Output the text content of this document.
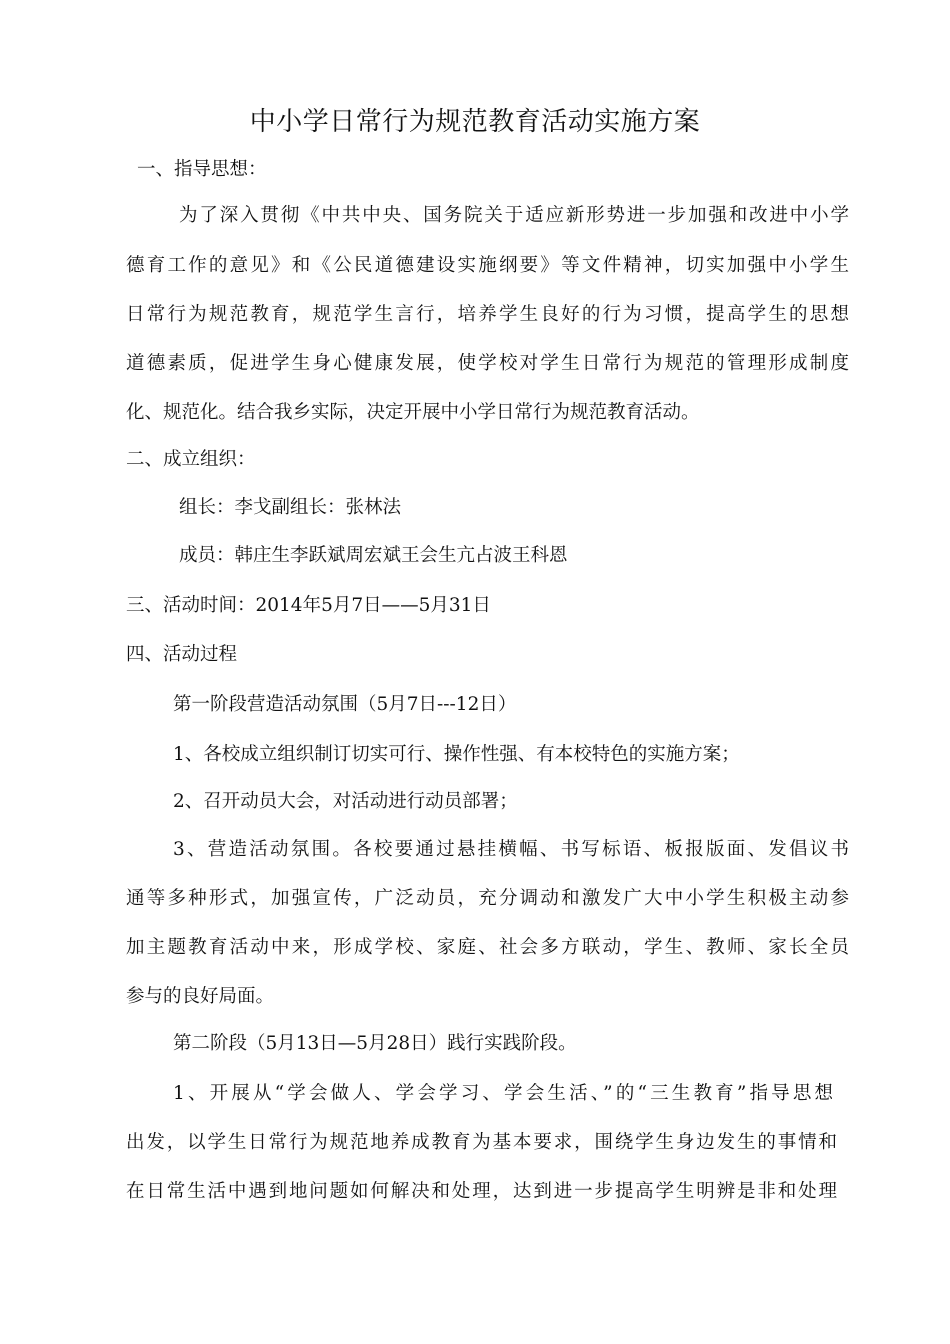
中小学日常行为规范教育活动实施方案
一、指导思想：
为了深入贯彻《中共中央、国务院关于适应新形势进一步加强和改进中小学
德育工作的意见》和《公民道德建设实施纲要》等文件精神，切实加强中小学生
日常行为规范教育，规范学生言行，培养学生良好的行为习惯，提高学生的思想
道德素质，促进学生身心健康发展，使学校对学生日常行为规范的管理形成制度
化、规范化。结合我乡实际，决定开展中小学日常行为规范教育活动。
二、成立组织：
组长：李戈副组长：张林法
成员：韩庄生李跃斌周宏斌王会生亢占波王科恩
三、活动时间：2014年5月7日——5月31日
四、活动过程
第一阶段营造活动氛围（5月7日---12日）
1、各校成立组织制订切实可行、操作性强、有本校特色的实施方案；
2、召开动员大会，对活动进行动员部署；
3、营造活动氛围。各校要通过悬挂横幅、书写标语、板报版面、发倡议书
通等多种形式，加强宣传，广泛动员，充分调动和激发广大中小学生积极主动参
加主题教育活动中来，形成学校、家庭、社会多方联动，学生、教师、家长全员
参与的良好局面。
第二阶段（5月13日—5月28日）践行实践阶段。
1、开展从“学会做人、学会学习、学会生活、”的“三生教育”指导思想
出发，以学生日常行为规范地养成教育为基本要求，围绕学生身边发生的事情和
在日常生活中遇到地问题如何解决和处理，达到进一步提高学生明辨是非和处理
